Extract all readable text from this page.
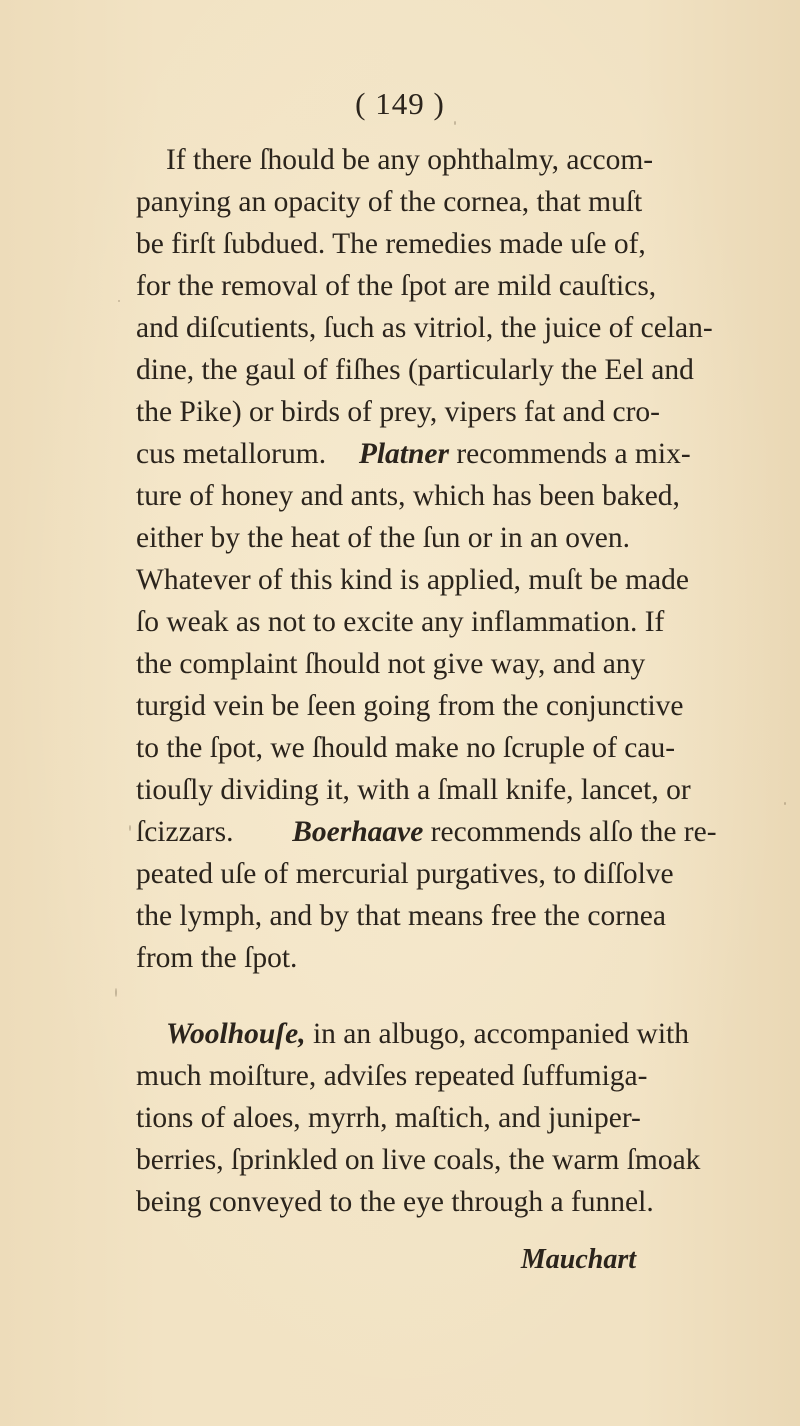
( 149 )
If there ſhould be any ophthalmy, accom-
panying an opacity of the cornea, that muſt
be firſt ſubdued. The remedies made uſe of,
for the removal of the ſpot are mild cauſtics,
and diſcutients, ſuch as vitriol, the juice of celan-
dine, the gaul of fiſhes (particularly the Eel and
the Pike) or birds of prey, vipers fat and cro-
cus metallorum. Platner recommends a mix-
ture of honey and ants, which has been baked,
either by the heat of the ſun or in an oven.
Whatever of this kind is applied, muſt be made
ſo weak as not to excite any inflammation. If
the complaint ſhould not give way, and any
turgid vein be ſeen going from the conjunctive
to the ſpot, we ſhould make no ſcruple of cau-
tiouſly dividing it, with a ſmall knife, lancet, or
ſcizzars. Boerhaave recommends alſo the re-
peated uſe of mercurial purgatives, to diſſolve
the lymph, and by that means free the cornea
from the ſpot.
Woolhouſe, in an albugo, accompanied with
much moiſture, adviſes repeated ſuffumiga-
tions of aloes, myrrh, maſtich, and juniper-
berries, ſprinkled on live coals, the warm ſmoak
being conveyed to the eye through a funnel.
Mauchart
